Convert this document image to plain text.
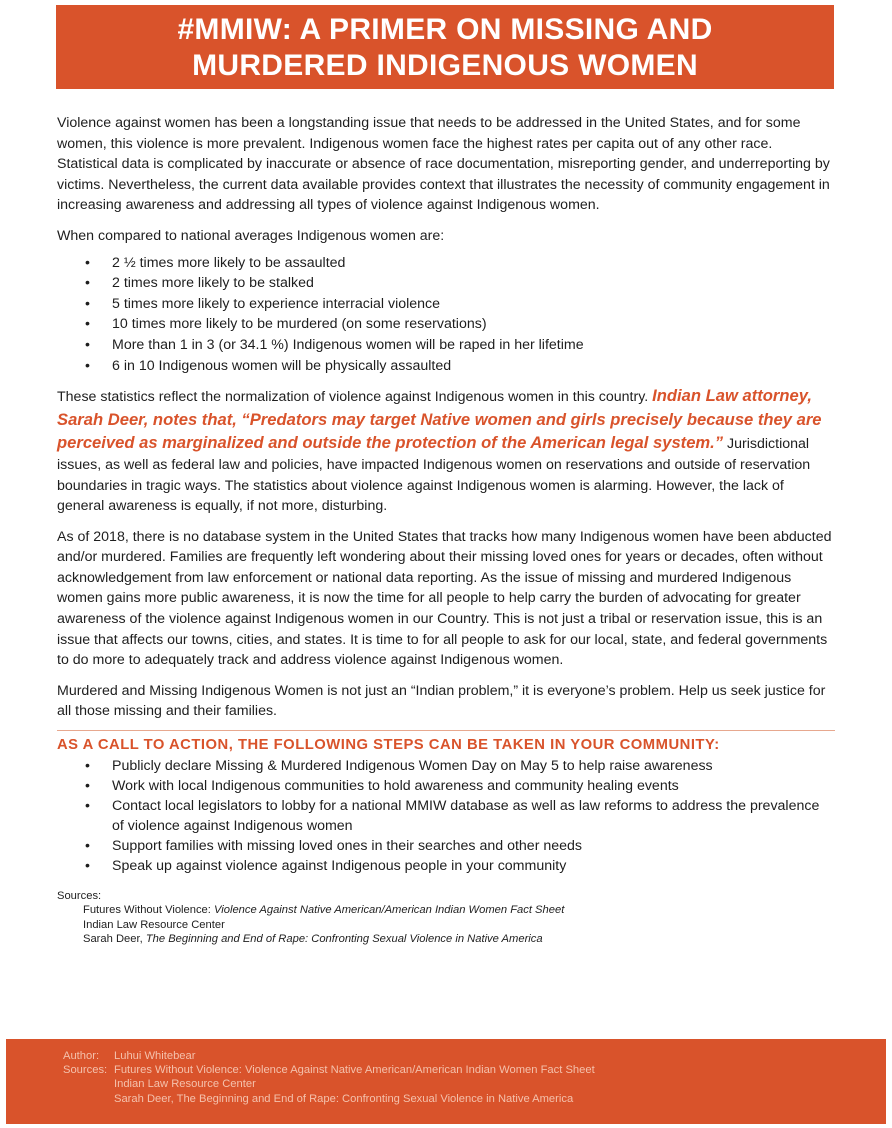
#MMIW: A PRIMER ON MISSING AND
MURDERED INDIGENOUS WOMEN

Violence against women has been a longstanding issue that needs to be addressed in the United States, and for some women, this violence is more prevalent. Indigenous women face the highest rates per capita out of any other race. Statistical data is complicated by inaccurate or absence of race documentation, misreporting gender, and underreporting by victims. Nevertheless, the current data available provides context that illustrates the necessity of community engagement in increasing awareness and addressing all types of violence against Indigenous women.

When compared to national averages Indigenous women are:

• 2 ½ times more likely to be assaulted
• 2 times more likely to be stalked
• 5 times more likely to experience interracial violence
• 10 times more likely to be murdered (on some reservations)
• More than 1 in 3 (or 34.1 %) Indigenous women will be raped in her lifetime
• 6 in 10 Indigenous women will be physically assaulted

These statistics reflect the normalization of violence against Indigenous women in this country. Indian Law attorney, Sarah Deer, notes that, “Predators may target Native women and girls precisely because they are perceived as marginalized and outside the protection of the American legal system.” Jurisdictional issues, as well as federal law and policies, have impacted Indigenous women on reservations and outside of reservation boundaries in tragic ways. The statistics about violence against Indigenous women is alarming. However, the lack of general awareness is equally, if not more, disturbing.

As of 2018, there is no database system in the United States that tracks how many Indigenous women have been abducted and/or murdered. Families are frequently left wondering about their missing loved ones for years or decades, often without acknowledgement from law enforcement or national data reporting. As the issue of missing and murdered Indigenous women gains more public awareness, it is now the time for all people to help carry the burden of advocating for greater awareness of the violence against Indigenous women in our Country. This is not just a tribal or reservation issue, this is an issue that affects our towns, cities, and states. It is time to for all people to ask for our local, state, and federal governments to do more to adequately track and address violence against Indigenous women.

Murdered and Missing Indigenous Women is not just an “Indian problem,” it is everyone’s problem. Help us seek justice for all those missing and their families.

AS A CALL TO ACTION, THE FOLLOWING STEPS CAN BE TAKEN IN YOUR COMMUNITY:
• Publicly declare Missing & Murdered Indigenous Women Day on May 5 to help raise awareness
• Work with local Indigenous communities to hold awareness and community healing events
• Contact local legislators to lobby for a national MMIW database as well as law reforms to address the prevalence of violence against Indigenous women
• Support families with missing loved ones in their searches and other needs
• Speak up against violence against Indigenous people in your community
Sources:
Futures Without Violence: Violence Against Native American/American Indian Women Fact Sheet
Indian Law Resource Center
Sarah Deer, The Beginning and End of Rape: Confronting Sexual Violence in Native America
Author:	Luhui Whitebear
Sources: Futures Without Violence: Violence Against Native American/American Indian Women Fact Sheet
Indian Law Resource Center
Sarah Deer, The Beginning and End of Rape: Confronting Sexual Violence in Native America
